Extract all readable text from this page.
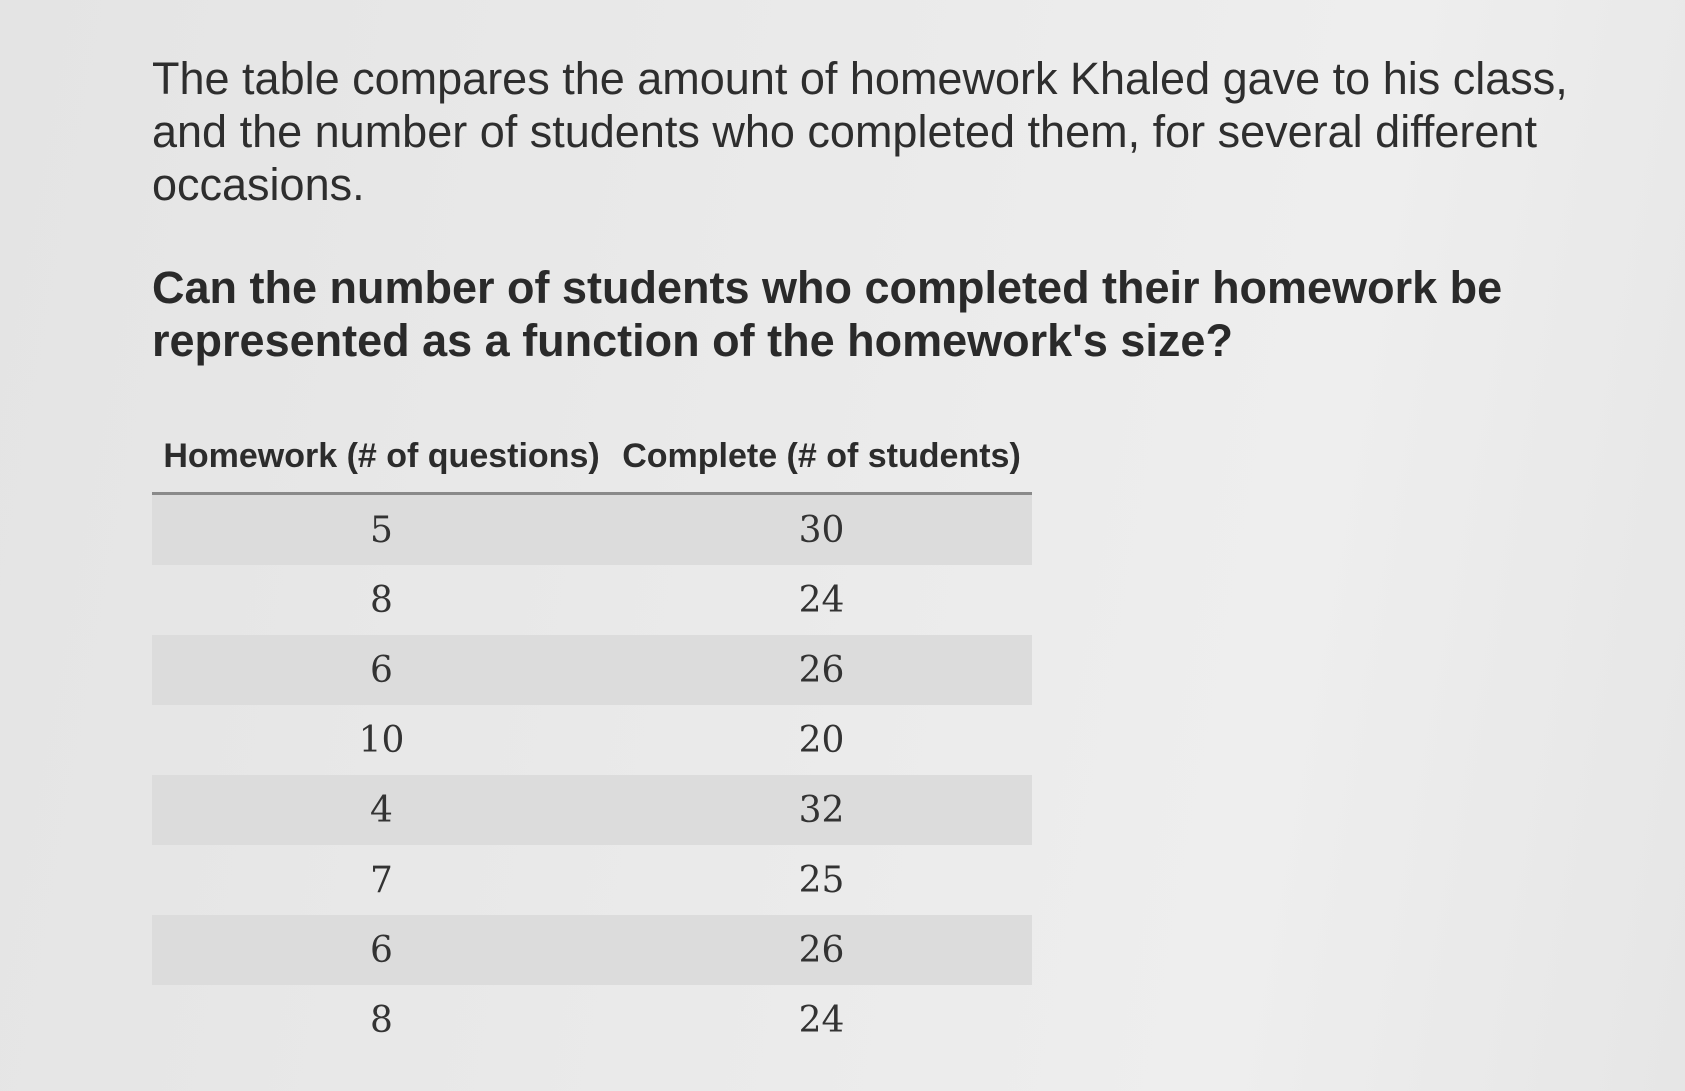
The table compares the amount of homework Khaled gave to his class, and the number of students who completed them, for several different occasions.

Can the number of students who completed their homework be represented as a function of the homework's size?

Homework (# of questions)	Complete (# of students)
5	30
8	24
6	26
10	20
4	32
7	25
6	26
8	24
